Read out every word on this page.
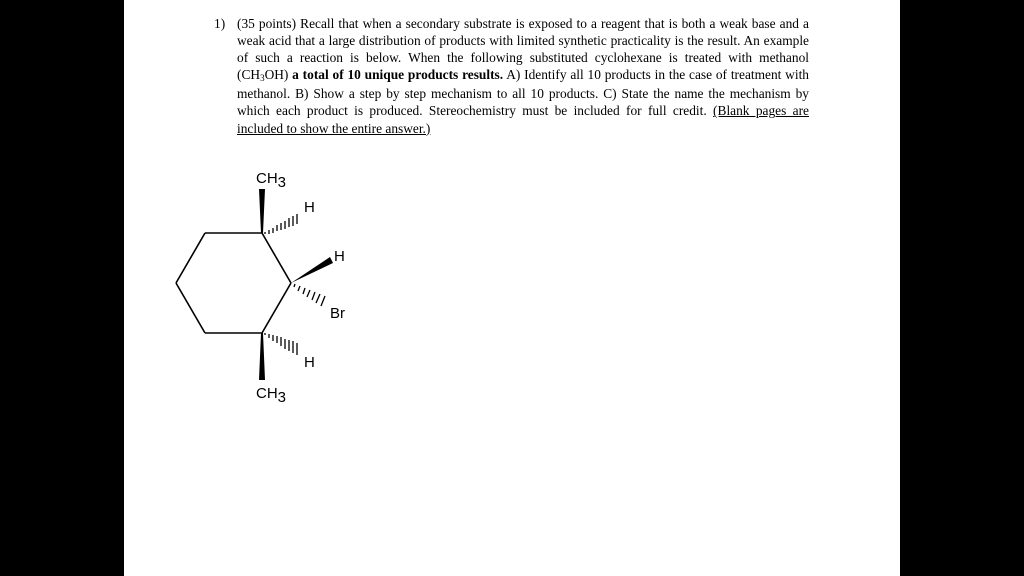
1) (35 points) Recall that when a secondary substrate is exposed to a reagent that is both a weak base and a weak acid that a large distribution of products with limited synthetic practicality is the result. An example of such a reaction is below. When the following substituted cyclohexane is treated with methanol (CH3OH) a total of 10 unique products results. A) Identify all 10 products in the case of treatment with methanol. B) Show a step by step mechanism to all 10 products. C) State the name the mechanism by which each product is produced. Stereochemistry must be included for full credit. (Blank pages are included to show the entire answer.)
CH3
H
H
Br
CH3
H
